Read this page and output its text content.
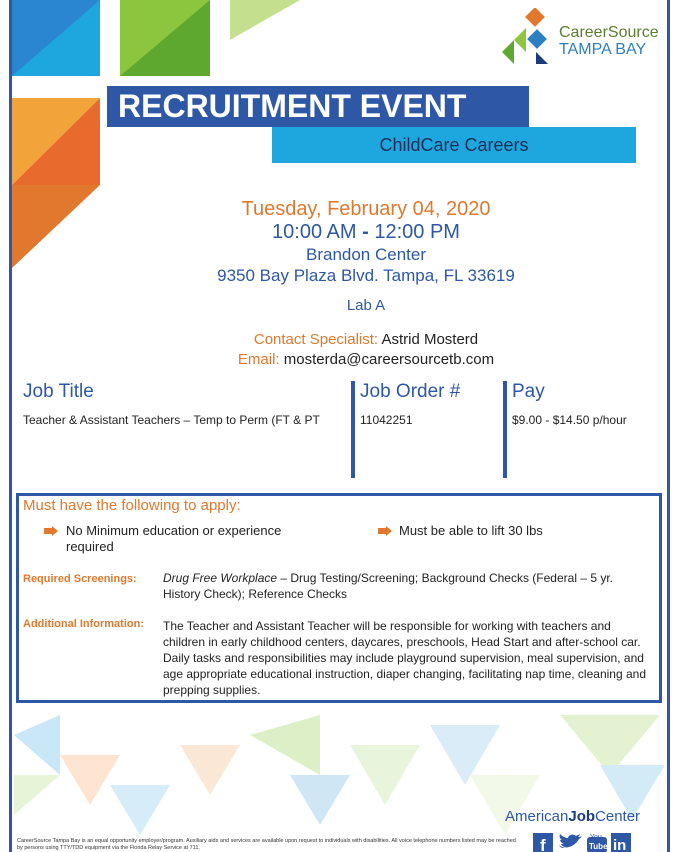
CareerSource
TAMPA BAY
RECRUITMENT EVENT
ChildCare Careers
Tuesday, February 04, 2020
10:00 AM - 12:00 PM
Brandon Center
9350 Bay Plaza Blvd. Tampa, FL 33619
Lab A
Contact Specialist: Astrid Mosterd
Email: mosterda@careersourcetb.com
Job Title
Teacher & Assistant Teachers – Temp to Perm (FT & PT
Job Order #
11042251
Pay
$9.00 - $14.50 p/hour
Must have the following to apply:
No Minimum education or experience required
Must be able to lift 30 lbs
Required Screenings: Drug Free Workplace – Drug Testing/Screening; Background Checks (Federal – 5 yr. History Check); Reference Checks
Additional Information: The Teacher and Assistant Teacher will be responsible for working with teachers and children in early childhood centers, daycares, preschools, Head Start and after-school car. Daily tasks and responsibilities may include playground supervision, meal supervision, and age appropriate educational instruction, diaper changing, facilitating nap time, cleaning and prepping supplies.
AmericanJobCenter
f	You
Tube in
CareerSource Tampa Bay is an equal opportunity employer/program. Auxiliary aids and services are available upon request to individuals with disabilities. All voice telephone numbers listed may be reached by persons using TTY/TDD equipment via the Florida Relay Service at 711.
